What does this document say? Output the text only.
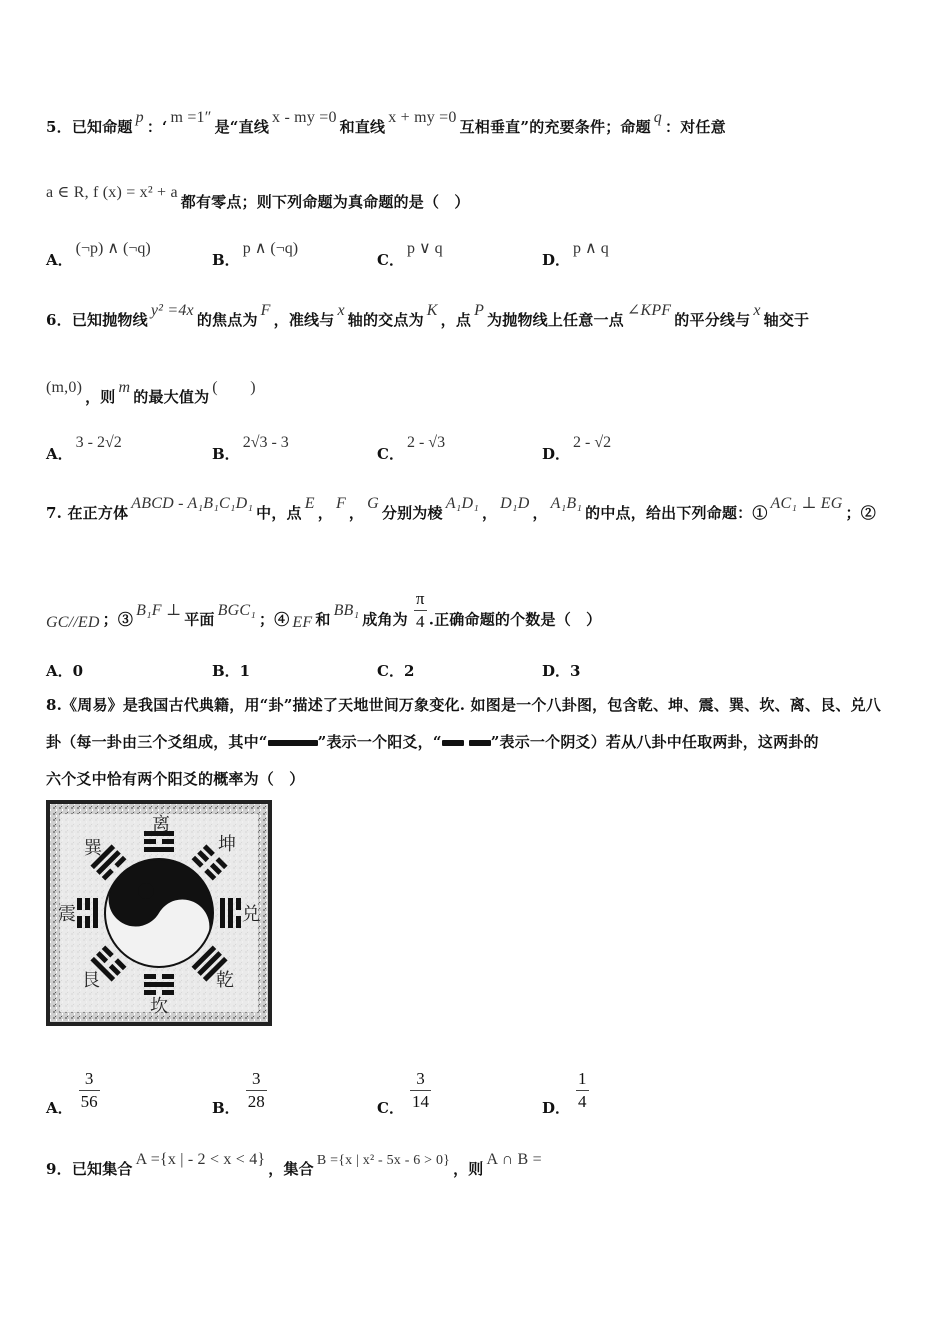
5．已知命题p：‘m =1″是“直线x - my =0和直线x + my =0互相垂直”的充要条件；命题q：对任意
a ∈ R, f (x) = x² + a都有零点；则下列命题为真命题的是（　）
A．(¬p) ∧ (¬q)
B．p ∧ (¬q)
C．p ∨ q
D．p ∧ q
6．已知抛物线y² =4x的焦点为F，准线与x轴的交点为K，点P为抛物线上任意一点∠KPF的平分线与x轴交于
(m,0)，则m的最大值为(　　)
A．3 - 2√2
B．2√3 - 3
C．2 - √3
D．2 - √2
7. 在正方体ABCD - A₁B₁C₁D₁中，点E，F，G分别为棱A₁D₁，D₁D，A₁B₁的中点，给出下列命题：①AC₁ ⊥ EG；②
GC//ED ；③B₁F ⊥平面BGC₁；④ EF 和BB₁成角为 $\frac{\pi}{4}$ .正确命题的个数是（　）
A．0	B．1	C．2	D．3
8.《周易》是我国古代典籍，用“卦”描述了天地世间万象变化. 如图是一个八卦图，包含乾、坤、震、巽、坎、离、艮、兑八
卦（每一卦由三个爻组成，其中“	”表示一个阳爻，“	”表示一个阴爻）若从八卦中任取两卦，这两卦的
六个爻中恰有两个阳爻的概率为（　）
离
坤
兑
乾
坎
艮
震
巽
A． $\frac{3}{56}$	B． $\frac{3}{28}$	C． $\frac{3}{14}$	D． $\frac{1}{4}$
9．已知集合A ={x | - 2 < x < 4}，集合 B ={x | x² - 5x - 6 > 0} ，则A ∩ B =
